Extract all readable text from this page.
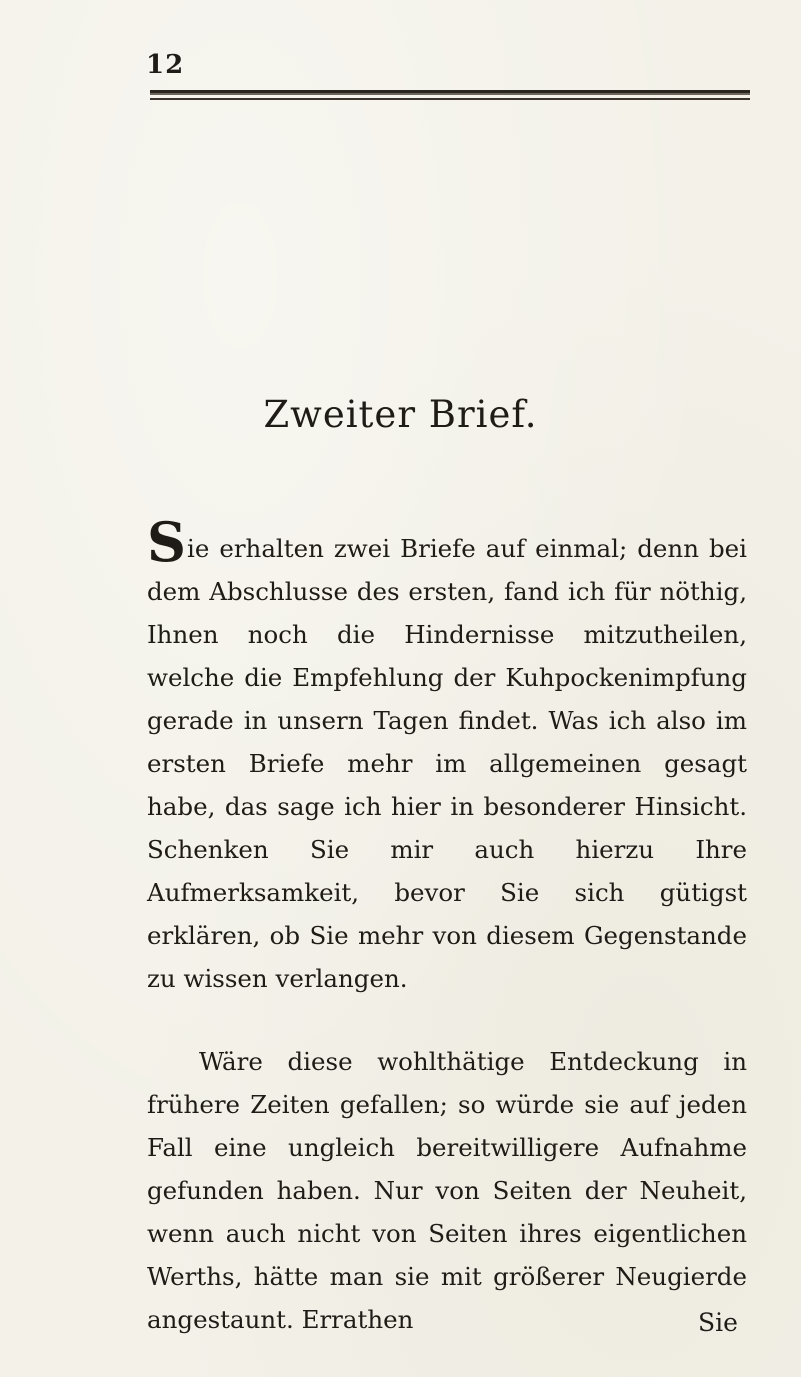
12
Zweiter Brief.

Sie erhalten zwei Briefe auf einmal; denn bei dem Abschlusse des ersten, fand ich für nöthig, Ihnen noch die Hindernisse mitzutheilen, welche die Empfehlung der Kuhpockenimpfung gerade in unsern Tagen findet. Was ich also im ersten Briefe mehr im allgemeinen gesagt habe, das sage ich hier in besonderer Hinsicht. Schenken Sie mir auch hierzu Ihre Aufmerksamkeit, bevor Sie sich gütigst erklären, ob Sie mehr von diesem Gegenstande zu wissen verlangen.

Wäre diese wohlthätige Entdeckung in frühere Zeiten gefallen; so würde sie auf jeden Fall eine ungleich bereitwilligere Aufnahme gefunden haben. Nur von Seiten der Neuheit, wenn auch nicht von Seiten ihres eigentlichen Werths, hätte man sie mit größerer Neugierde angestaunt. Errathen	Sie
